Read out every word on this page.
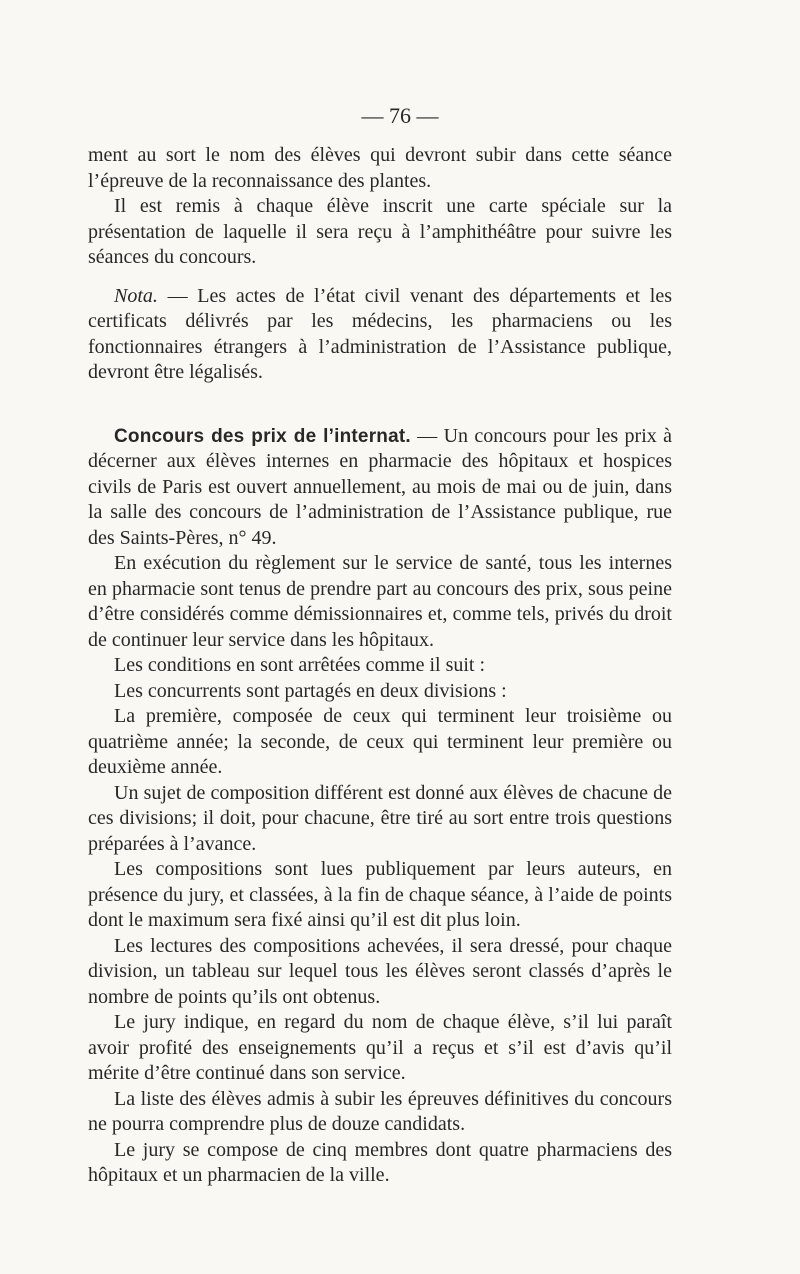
— 76 —

ment au sort le nom des élèves qui devront subir dans cette séance l’épreuve de la reconnaissance des plantes.

Il est remis à chaque élève inscrit une carte spéciale sur la présentation de laquelle il sera reçu à l’amphithéâtre pour suivre les séances du concours.

Nota. — Les actes de l’état civil venant des départements et les certificats délivrés par les médecins, les pharmaciens ou les fonctionnaires étrangers à l’administration de l’Assistance publique, devront être légalisés.

Concours des prix de l’internat. — Un concours pour les prix à décerner aux élèves internes en pharmacie des hôpitaux et hospices civils de Paris est ouvert annuellement, au mois de mai ou de juin, dans la salle des concours de l’administration de l’Assistance publique, rue des Saints-Pères, n° 49.

En exécution du règlement sur le service de santé, tous les internes en pharmacie sont tenus de prendre part au concours des prix, sous peine d’être considérés comme démissionnaires et, comme tels, privés du droit de continuer leur service dans les hôpitaux.

Les conditions en sont arrêtées comme il suit :

Les concurrents sont partagés en deux divisions :

La première, composée de ceux qui terminent leur troisième ou quatrième année; la seconde, de ceux qui terminent leur première ou deuxième année.

Un sujet de composition différent est donné aux élèves de chacune de ces divisions; il doit, pour chacune, être tiré au sort entre trois questions préparées à l’avance.

Les compositions sont lues publiquement par leurs auteurs, en présence du jury, et classées, à la fin de chaque séance, à l’aide de points dont le maximum sera fixé ainsi qu’il est dit plus loin.

Les lectures des compositions achevées, il sera dressé, pour chaque division, un tableau sur lequel tous les élèves seront classés d’après le nombre de points qu’ils ont obtenus.

Le jury indique, en regard du nom de chaque élève, s’il lui paraît avoir profité des enseignements qu’il a reçus et s’il est d’avis qu’il mérite d’être continué dans son service.

La liste des élèves admis à subir les épreuves définitives du concours ne pourra comprendre plus de douze candidats.

Le jury se compose de cinq membres dont quatre pharmaciens des hôpitaux et un pharmacien de la ville.
